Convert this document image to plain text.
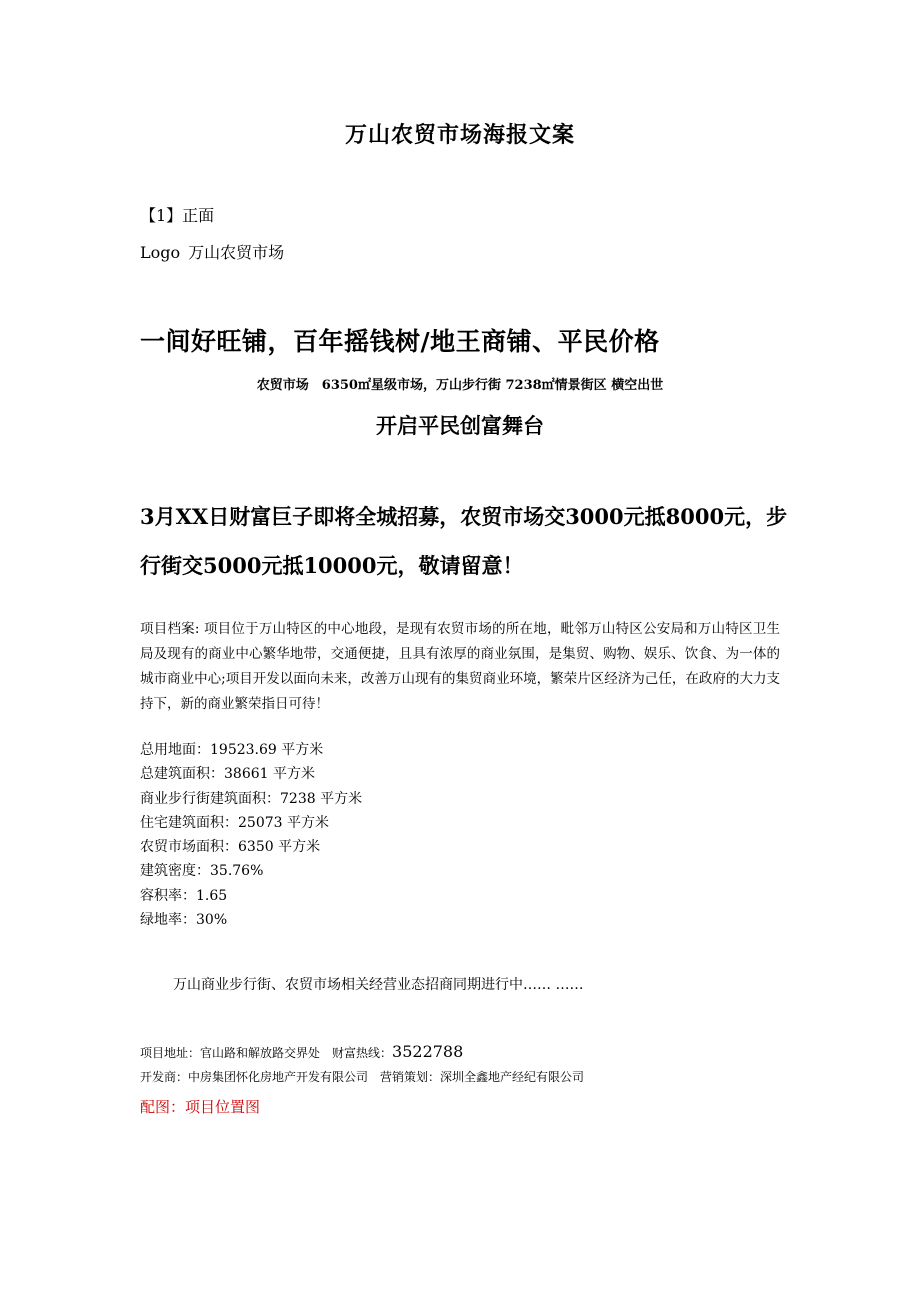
万山农贸市场海报文案
【1】正面
Logo 万山农贸市场
一间好旺铺，百年摇钱树/地王商铺、平民价格
农贸市场　6350㎡星级市场，万山步行街 7238㎡情景街区 横空出世
开启平民创富舞台
3月XX日财富巨子即将全城招募，农贸市场交3000元抵8000元，步行街交5000元抵10000元，敬请留意！
项目档案: 项目位于万山特区的中心地段，是现有农贸市场的所在地，毗邻万山特区公安局和万山特区卫生局及现有的商业中心繁华地带，交通便捷，且具有浓厚的商业氛围，是集贸、购物、娱乐、饮食、为一体的城市商业中心;项目开发以面向未来，改善万山现有的集贸商业环境，繁荣片区经济为己任，在政府的大力支持下，新的商业繁荣指日可待！
总用地面：19523.69 平方米
总建筑面积：38661 平方米
商业步行街建筑面积：7238 平方米
住宅建筑面积：25073 平方米
农贸市场面积：6350 平方米
建筑密度：35.76%
容积率：1.65
绿地率：30%
万山商业步行街、农贸市场相关经营业态招商同期进行中…… ……
项目地址：官山路和解放路交界处 财富热线：3522788
开发商：中房集团怀化房地产开发有限公司 营销策划：深圳全鑫地产经纪有限公司
配图：项目位置图
